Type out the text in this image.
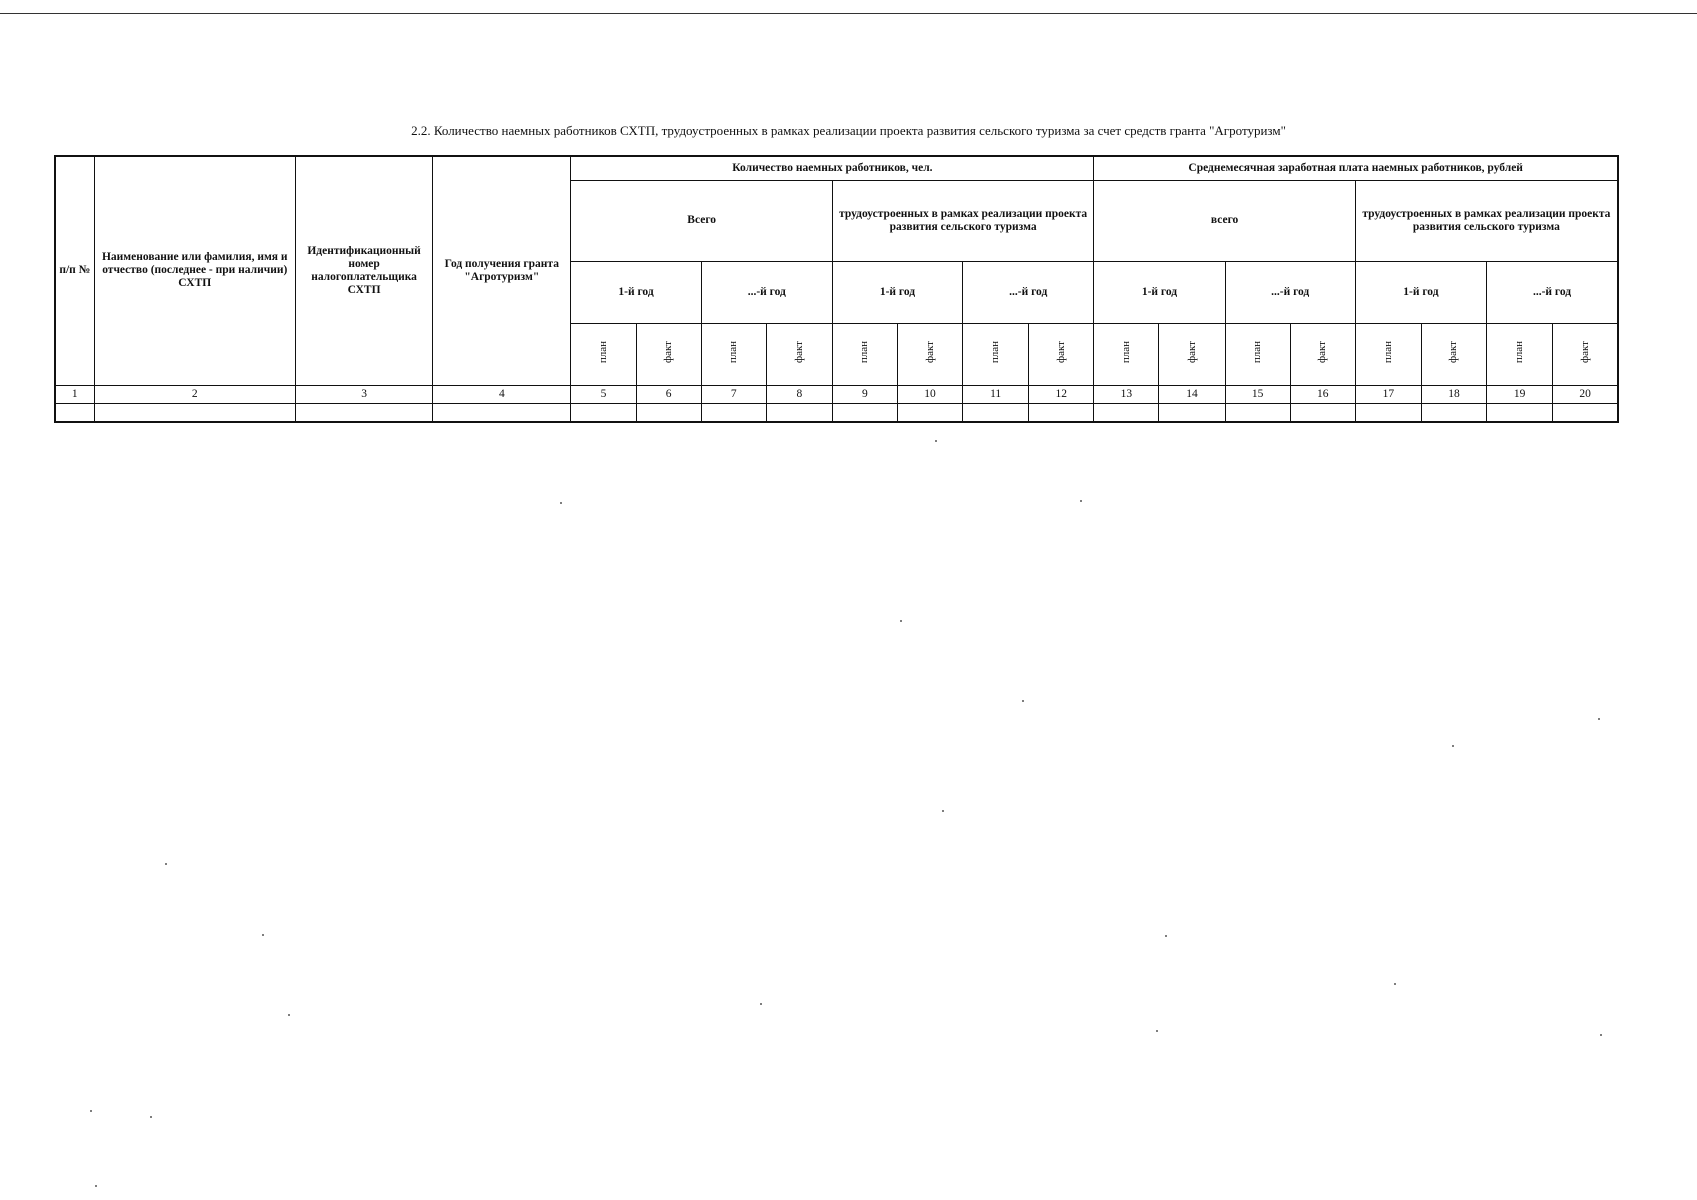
2.2. Количество наемных работников СХТП, трудоустроенных в рамках реализации проекта развития сельского туризма за счет средств гранта "Агротуризм"
п/п №	Наименование или фамилия, имя и отчество (последнее - при наличии) СХТП	Идентификационный номер налогоплательщика СХТП	Год получения гранта "Агротуризм"	Количество наемных работников, чел.								Среднемесячная заработная плата наемных работников, рублей							
				Всего				трудоустроенных в рамках реализации проекта развития сельского туризма				всего				трудоустроенных в рамках реализации проекта развития сельского туризма			
				1-й год		...-й год		1-й год		...-й год		1-й год		...-й год		1-й год		...-й год	
				план	факт	план	факт	план	факт	план	факт	план	факт	план	факт	план	факт	план	факт
1	2	3	4	5	6	7	8	9	10	11	12	13	14	15	16	17	18	19	20
